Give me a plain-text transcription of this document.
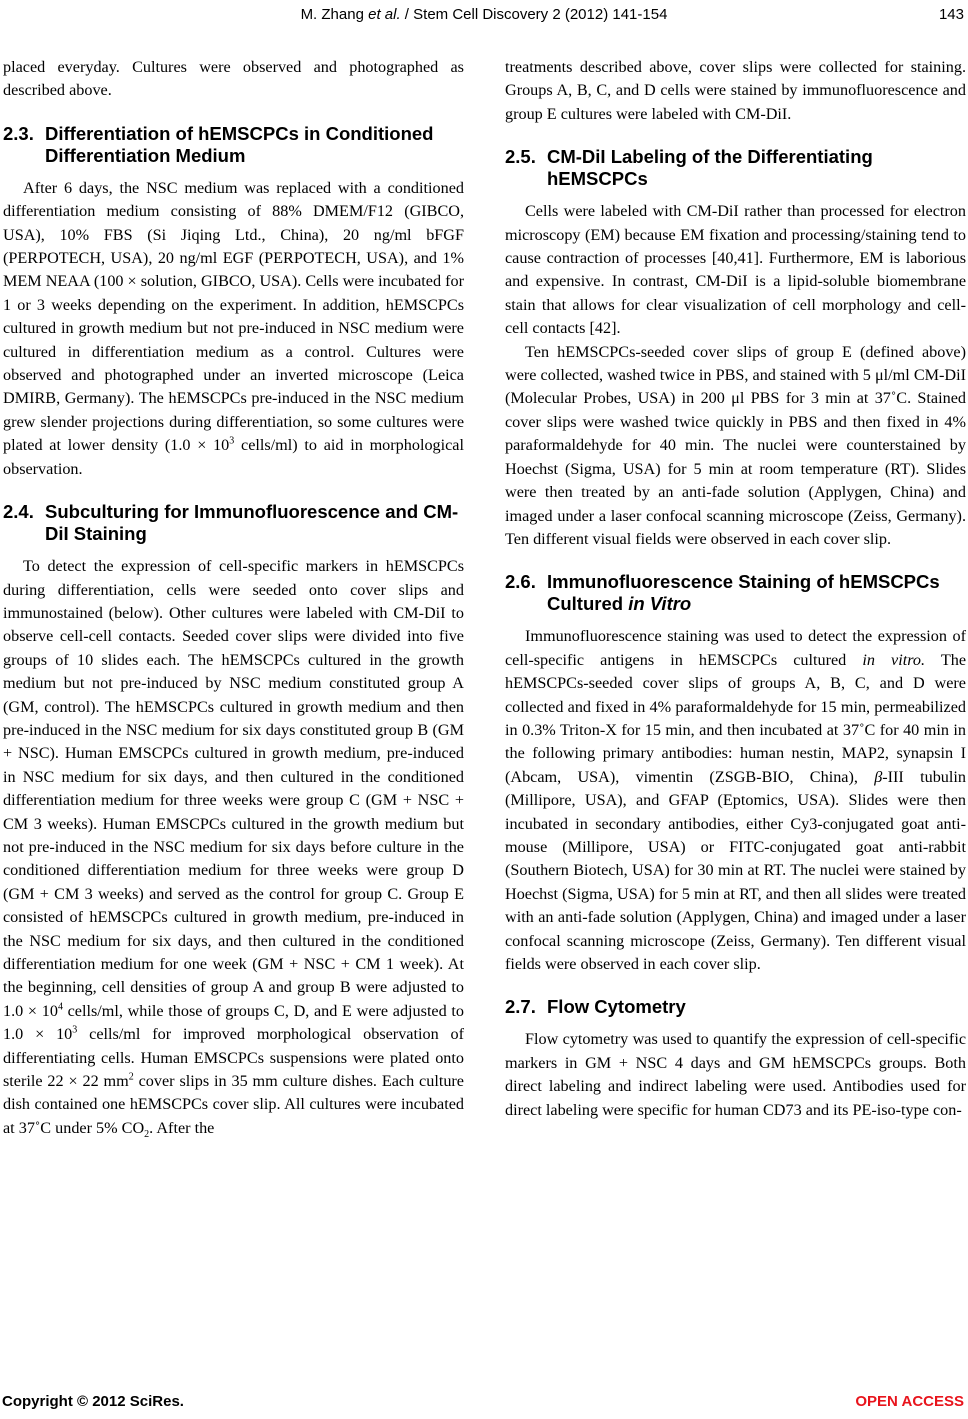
M. Zhang et al. / Stem Cell Discovery 2 (2012) 141-154	143

placed everyday. Cultures were observed and photographed as described above.

2.3. Differentiation of hEMSCPCs in Conditioned Differentiation Medium

After 6 days, the NSC medium was replaced with a conditioned differentiation medium consisting of 88% DMEM/F12 (GIBCO, USA), 10% FBS (Si Jiqing Ltd., China), 20 ng/ml bFGF (PERPOTECH, USA), 20 ng/ml EGF (PERPOTECH, USA), and 1% MEM NEAA (100 × solution, GIBCO, USA). Cells were incubated for 1 or 3 weeks depending on the experiment. In addition, hEMSCPCs cultured in growth medium but not pre-induced in NSC medium were cultured in differentiation medium as a control. Cultures were observed and photographed under an inverted microscope (Leica DMIRB, Germany). The hEMSCPCs pre-induced in the NSC medium grew slender projections during differentiation, so some cultures were plated at lower density ($1.0 \times 10^3$ cells/ml) to aid in morphological observation.

2.4. Subculturing for Immunofluorescence and CM-DiI Staining

To detect the expression of cell-specific markers in hEMSCPCs during differentiation, cells were seeded onto cover slips and immunostained (below). Other cultures were labeled with CM-DiI to observe cell-cell contacts. Seeded cover slips were divided into five groups of 10 slides each. The hEMSCPCs cultured in the growth medium but not pre-induced by NSC medium constituted group A (GM, control). The hEMSCPCs cultured in growth medium and then pre-induced in the NSC medium for six days constituted group B (GM + NSC). Human EMSCPCs cultured in growth medium, pre-induced in NSC medium for six days, and then cultured in the conditioned differentiation medium for three weeks were group C (GM + NSC + CM 3 weeks). Human EMSCPCs cultured in the growth medium but not pre-induced in the NSC medium for six days before culture in the conditioned differentiation medium for three weeks were group D (GM + CM 3 weeks) and served as the control for group C. Group E consisted of hEMSCPCs cultured in growth medium, pre-induced in the NSC medium for six days, and then cultured in the conditioned differentiation medium for one week (GM + NSC + CM 1 week). At the beginning, cell densities of group A and group B were adjusted to $1.0 \times 10^4$ cells/ml, while those of groups C, D, and E were adjusted to $1.0 \times 10^3$ cells/ml for improved morphological observation of differentiating cells. Human EMSCPCs suspensions were plated onto sterile 22 × 22 $mm^2$ cover slips in 35 mm culture dishes. Each culture dish contained one hEMSCPCs cover slip. All cultures were incubated at 37˚C under 5% $CO_2$. After the

treatments described above, cover slips were collected for staining. Groups A, B, C, and D cells were stained by immunofluorescence and group E cultures were labeled with CM-DiI.

2.5. CM-DiI Labeling of the Differentiating hEMSCPCs

Cells were labeled with CM-DiI rather than processed for electron microscopy (EM) because EM fixation and processing/staining tend to cause contraction of processes [40,41]. Furthermore, EM is laborious and expensive. In contrast, CM-DiI is a lipid-soluble biomembrane stain that allows for clear visualization of cell morphology and cell-cell contacts [42].

Ten hEMSCPCs-seeded cover slips of group E (defined above) were collected, washed twice in PBS, and stained with 5 μl/ml CM-DiI (Molecular Probes, USA) in 200 μl PBS for 3 min at 37˚C. Stained cover slips were washed twice quickly in PBS and then fixed in 4% paraformaldehyde for 40 min. The nuclei were counterstained by Hoechst (Sigma, USA) for 5 min at room temperature (RT). Slides were then treated by an anti-fade solution (Applygen, China) and imaged under a laser confocal scanning microscope (Zeiss, Germany). Ten different visual fields were observed in each cover slip.

2.6. Immunofluorescence Staining of hEMSCPCs Cultured in Vitro

Immunofluorescence staining was used to detect the expression of cell-specific antigens in hEMSCPCs cultured in vitro. The hEMSCPCs-seeded cover slips of groups A, B, C, and D were collected and fixed in 4% paraformaldehyde for 15 min, permeabilized in 0.3% Triton-X for 15 min, and then incubated at 37˚C for 40 min in the following primary antibodies: human nestin, MAP2, synapsin I (Abcam, USA), vimentin (ZSGB-BIO, China), β-III tubulin (Millipore, USA), and GFAP (Eptomics, USA). Slides were then incubated in secondary antibodies, either Cy3-conjugated goat anti-mouse (Millipore, USA) or FITC-conjugated goat anti-rabbit (Southern Biotech, USA) for 30 min at RT. The nuclei were stained by Hoechst (Sigma, USA) for 5 min at RT, and then all slides were treated with an anti-fade solution (Applygen, China) and imaged under a laser confocal scanning microscope (Zeiss, Germany). Ten different visual fields were observed in each cover slip.

2.7. Flow Cytometry

Flow cytometry was used to quantify the expression of cell-specific markers in GM + NSC 4 days and GM hEMSCPCs groups. Both direct labeling and indirect labeling were used. Antibodies used for direct labeling were specific for human CD73 and its PE-iso-type con-

Copyright © 2012 SciRes.	OPEN ACCESS
